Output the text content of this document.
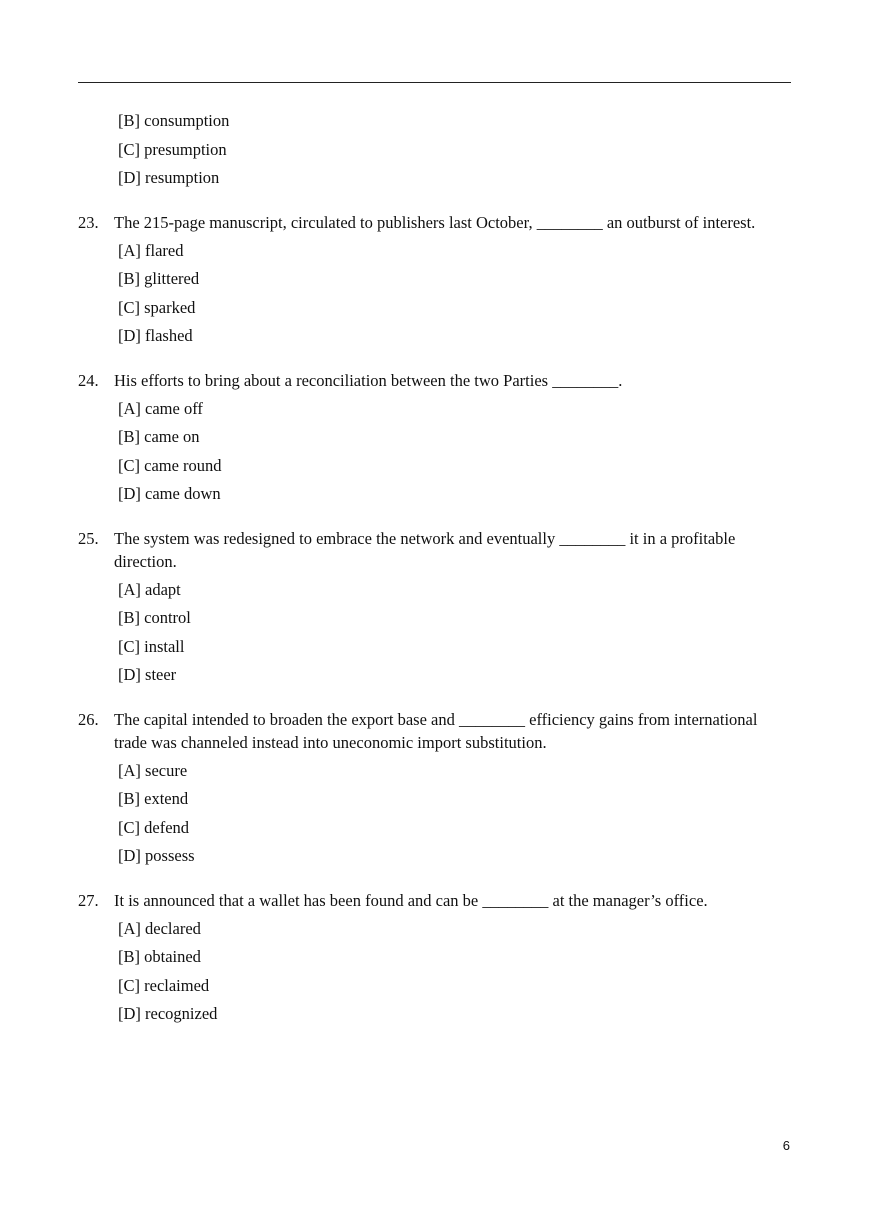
[B] consumption
[C] presumption
[D] resumption
23. The 215-page manuscript, circulated to publishers last October, ________ an outburst of interest.
[A] flared
[B] glittered
[C] sparked
[D] flashed
24. His efforts to bring about a reconciliation between the two Parties ________.
[A] came off
[B] came on
[C] came round
[D] came down
25. The system was redesigned to embrace the network and eventually ________ it in a profitable direction.
[A] adapt
[B] control
[C] install
[D] steer
26. The capital intended to broaden the export base and ________ efficiency gains from international trade was channeled instead into uneconomic import substitution.
[A] secure
[B] extend
[C] defend
[D] possess
27. It is announced that a wallet has been found and can be ________ at the manager’s office.
[A] declared
[B] obtained
[C] reclaimed
[D] recognized
6
